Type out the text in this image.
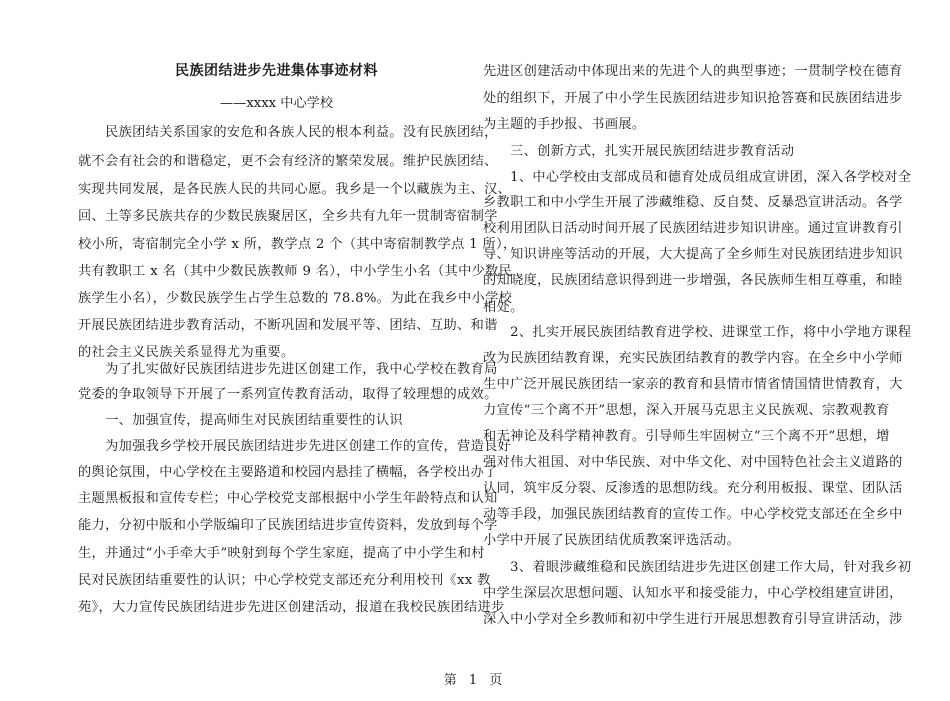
民族团结进步先进集体事迹材料
——xxxx 中心学校
　　民族团结关系国家的安危和各族人民的根本利益。没有民族团结，
就不会有社会的和谐稳定，更不会有经济的繁荣发展。维护民族团结、
实现共同发展，是各民族人民的共同心愿。我乡是一个以藏族为主、汉、
回、土等多民族共存的少数民族聚居区，全乡共有九年一贯制寄宿制学
校小所，寄宿制完全小学 x 所，教学点 2 个（其中寄宿制教学点 1 所），
共有教职工 x 名（其中少数民族教师 9 名），中小学生小名（其中少数民
族学生小名），少数民族学生占学生总数的 78.8%。为此在我乡中小学校
开展民族团结进步教育活动，不断巩固和发展平等、团结、互助、和谐
的社会主义民族关系显得尤为重要。
　　为了扎实做好民族团结进步先进区创建工作，我中心学校在教育局
党委的争取领导下开展了一系列宣传教育活动，取得了较理想的成效。
　　一、加强宣传，提高师生对民族团结重要性的认识
　　为加强我乡学校开展民族团结进步先进区创建工作的宣传，营造良好
的舆论氛围，中心学校在主要路道和校园内悬挂了横幅，各学校出办了
主题黑板报和宣传专栏；中心学校党支部根据中小学生年龄特点和认知
能力，分初中版和小学版编印了民族团结进步宣传资料，发放到每个学
生，并通过“小手牵大手”映射到每个学生家庭，提高了中小学生和村
民对民族团结重要性的认识；中心学校党支部还充分利用校刊《xx 教
苑》，大力宣传民族团结进步先进区创建活动，报道在我校民族团结进步
先进区创建活动中体现出来的先进个人的典型事迹；一贯制学校在德育
处的组织下，开展了中小学生民族团结进步知识抢答赛和民族团结进步
为主题的手抄报、书画展。
　　三、创新方式，扎实开展民族团结进步教育活动
　　1、中心学校由支部成员和德育处成员组成宣讲团，深入各学校对全
乡教职工和中小学生开展了涉藏维稳、反自焚、反暴恐宣讲活动。各学
校利用团队日活动时间开展了民族团结进步知识讲座。通过宣讲教育引
导、知识讲座等活动的开展，大大提高了全乡师生对民族团结进步知识
的知晓度，民族团结意识得到进一步增强，各民族师生相互尊重，和睦
相处。
　　2、扎实开展民族团结教育进学校、进课堂工作，将中小学地方课程
改为民族团结教育课，充实民族团结教育的教学内容。在全乡中小学师
生中广泛开展民族团结一家亲的教育和县情市情省情国情世情教育，大
力宣传“三个离不开”思想，深入开展马克思主义民族观、宗教观教育
和无神论及科学精神教育。引导师生牢固树立“三个离不开”思想，增
强对伟大祖国、对中华民族、对中华文化、对中国特色社会主义道路的
认同，筑牢反分裂、反渗透的思想防线。充分利用板报、课堂、团队活
动等手段，加强民族团结教育的宣传工作。中心学校党支部还在全乡中
小学中开展了民族团结优质教案评选活动。
　　3、着眼涉藏维稳和民族团结进步先进区创建工作大局，针对我乡初
中学生深层次思想问题、认知水平和接受能力，中心学校组建宣讲团，
深入中小学对全乡教师和初中学生进行开展思想教育引导宣讲活动，涉
第 1 页
